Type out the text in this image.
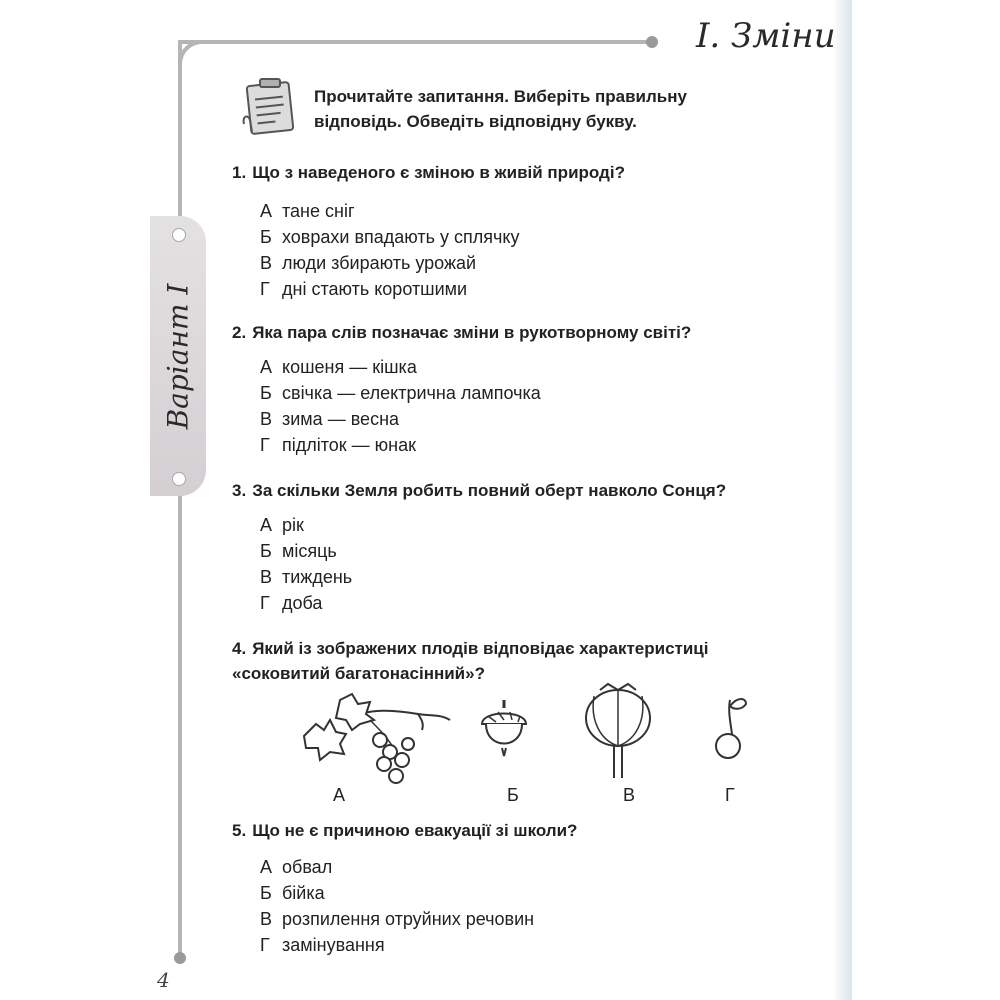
І. Зміни
Варіант І
Прочитайте запитання. Виберіть правильну
відповідь. Обведіть відповідну букву.
1. Що з наведеного є зміною в живій природі?
А тане сніг
Б ховрахи впадають у сплячку
В люди збирають урожай
Г дні стають коротшими
2. Яка пара слів позначає зміни в рукотворному світі?
А кошеня — кішка
Б свічка — електрична лампочка
В зима — весна
Г підліток — юнак
3. За скільки Земля робить повний оберт навколо Сонця?
А рік
Б місяць
В тиждень
Г доба
4. Який із зображених плодів відповідає характеристиці
«соковитий багатонасінний»?
А	Б	В	Г
5. Що не є причиною евакуації зі школи?
А обвал
Б бійка
В розпилення отруйних речовин
Г замінування
4
